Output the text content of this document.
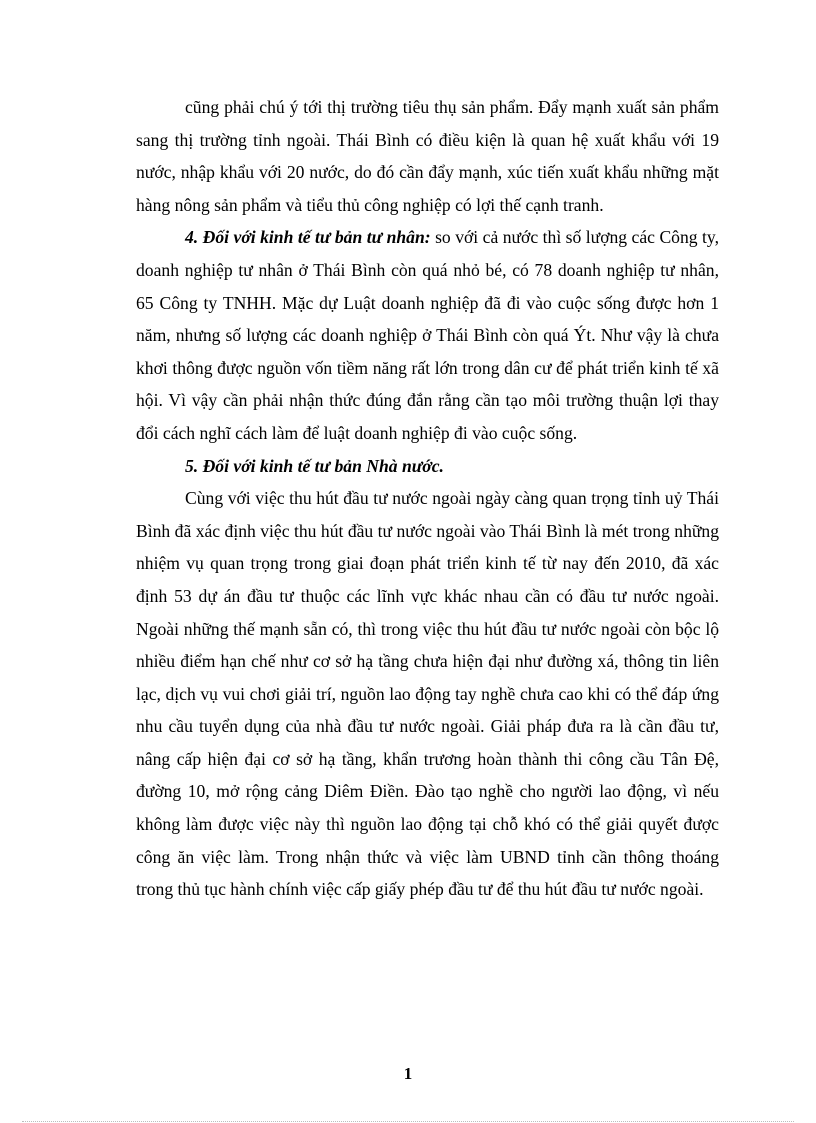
cũng phải chú ý tới thị trường tiêu thụ sản phẩm. Đẩy mạnh xuất sản phẩm sang thị trường tỉnh ngoài. Thái Bình có điều kiện là quan hệ xuất khẩu với 19 nước, nhập khẩu với 20 nước, do đó cần đẩy mạnh, xúc tiến xuất khẩu những mặt hàng nông sản phẩm và tiểu thủ công nghiệp có lợi thế cạnh tranh.

4. Đối với kinh tế tư bản tư nhân: so với cả nước thì số lượng các Công ty, doanh nghiệp tư nhân ở Thái Bình còn quá nhỏ bé, có 78 doanh nghiệp tư nhân, 65 Công ty TNHH. Mặc dự Luật doanh nghiệp đã đi vào cuộc sống được hơn 1 năm, nhưng số lượng các doanh nghiệp ở Thái Bình còn quá Ýt. Như vậy là chưa khơi thông được nguồn vốn tiềm năng rất lớn trong dân cư để phát triển kinh tế xã hội. Vì vậy cần phải nhận thức đúng đắn rằng cần tạo môi trường thuận lợi thay đổi cách nghĩ cách làm để luật doanh nghiệp đi vào cuộc sống.

5. Đối với kinh tế tư bản Nhà nước.

Cùng với việc thu hút đầu tư nước ngoài ngày càng quan trọng tỉnh uỷ Thái Bình đã xác định việc thu hút đầu tư nước ngoài vào Thái Bình là mét trong những nhiệm vụ quan trọng trong giai đoạn phát triển kinh tế từ nay đến 2010, đã xác định 53 dự án đầu tư thuộc các lĩnh vực khác nhau cần có đầu tư nước ngoài. Ngoài những thế mạnh sẵn có, thì trong việc thu hút đầu tư nước ngoài còn bộc lộ nhiều điểm hạn chế như cơ sở hạ tầng chưa hiện đại như đường xá, thông tin liên lạc, dịch vụ vui chơi giải trí, nguồn lao động tay nghề chưa cao khi có thể đáp ứng nhu cầu tuyển dụng của nhà đầu tư nước ngoài. Giải pháp đưa ra là cần đầu tư, nâng cấp hiện đại cơ sở hạ tầng, khẩn trương hoàn thành thi công cầu Tân Đệ, đường 10, mở rộng cảng Diêm Điền. Đào tạo nghề cho người lao động, vì nếu không làm được việc này thì nguồn lao động tại chỗ khó có thể giải quyết được công ăn việc làm. Trong nhận thức và việc làm UBND tỉnh cần thông thoáng trong thủ tục hành chính việc cấp giấy phép đầu tư để thu hút đầu tư nước ngoài.

1
